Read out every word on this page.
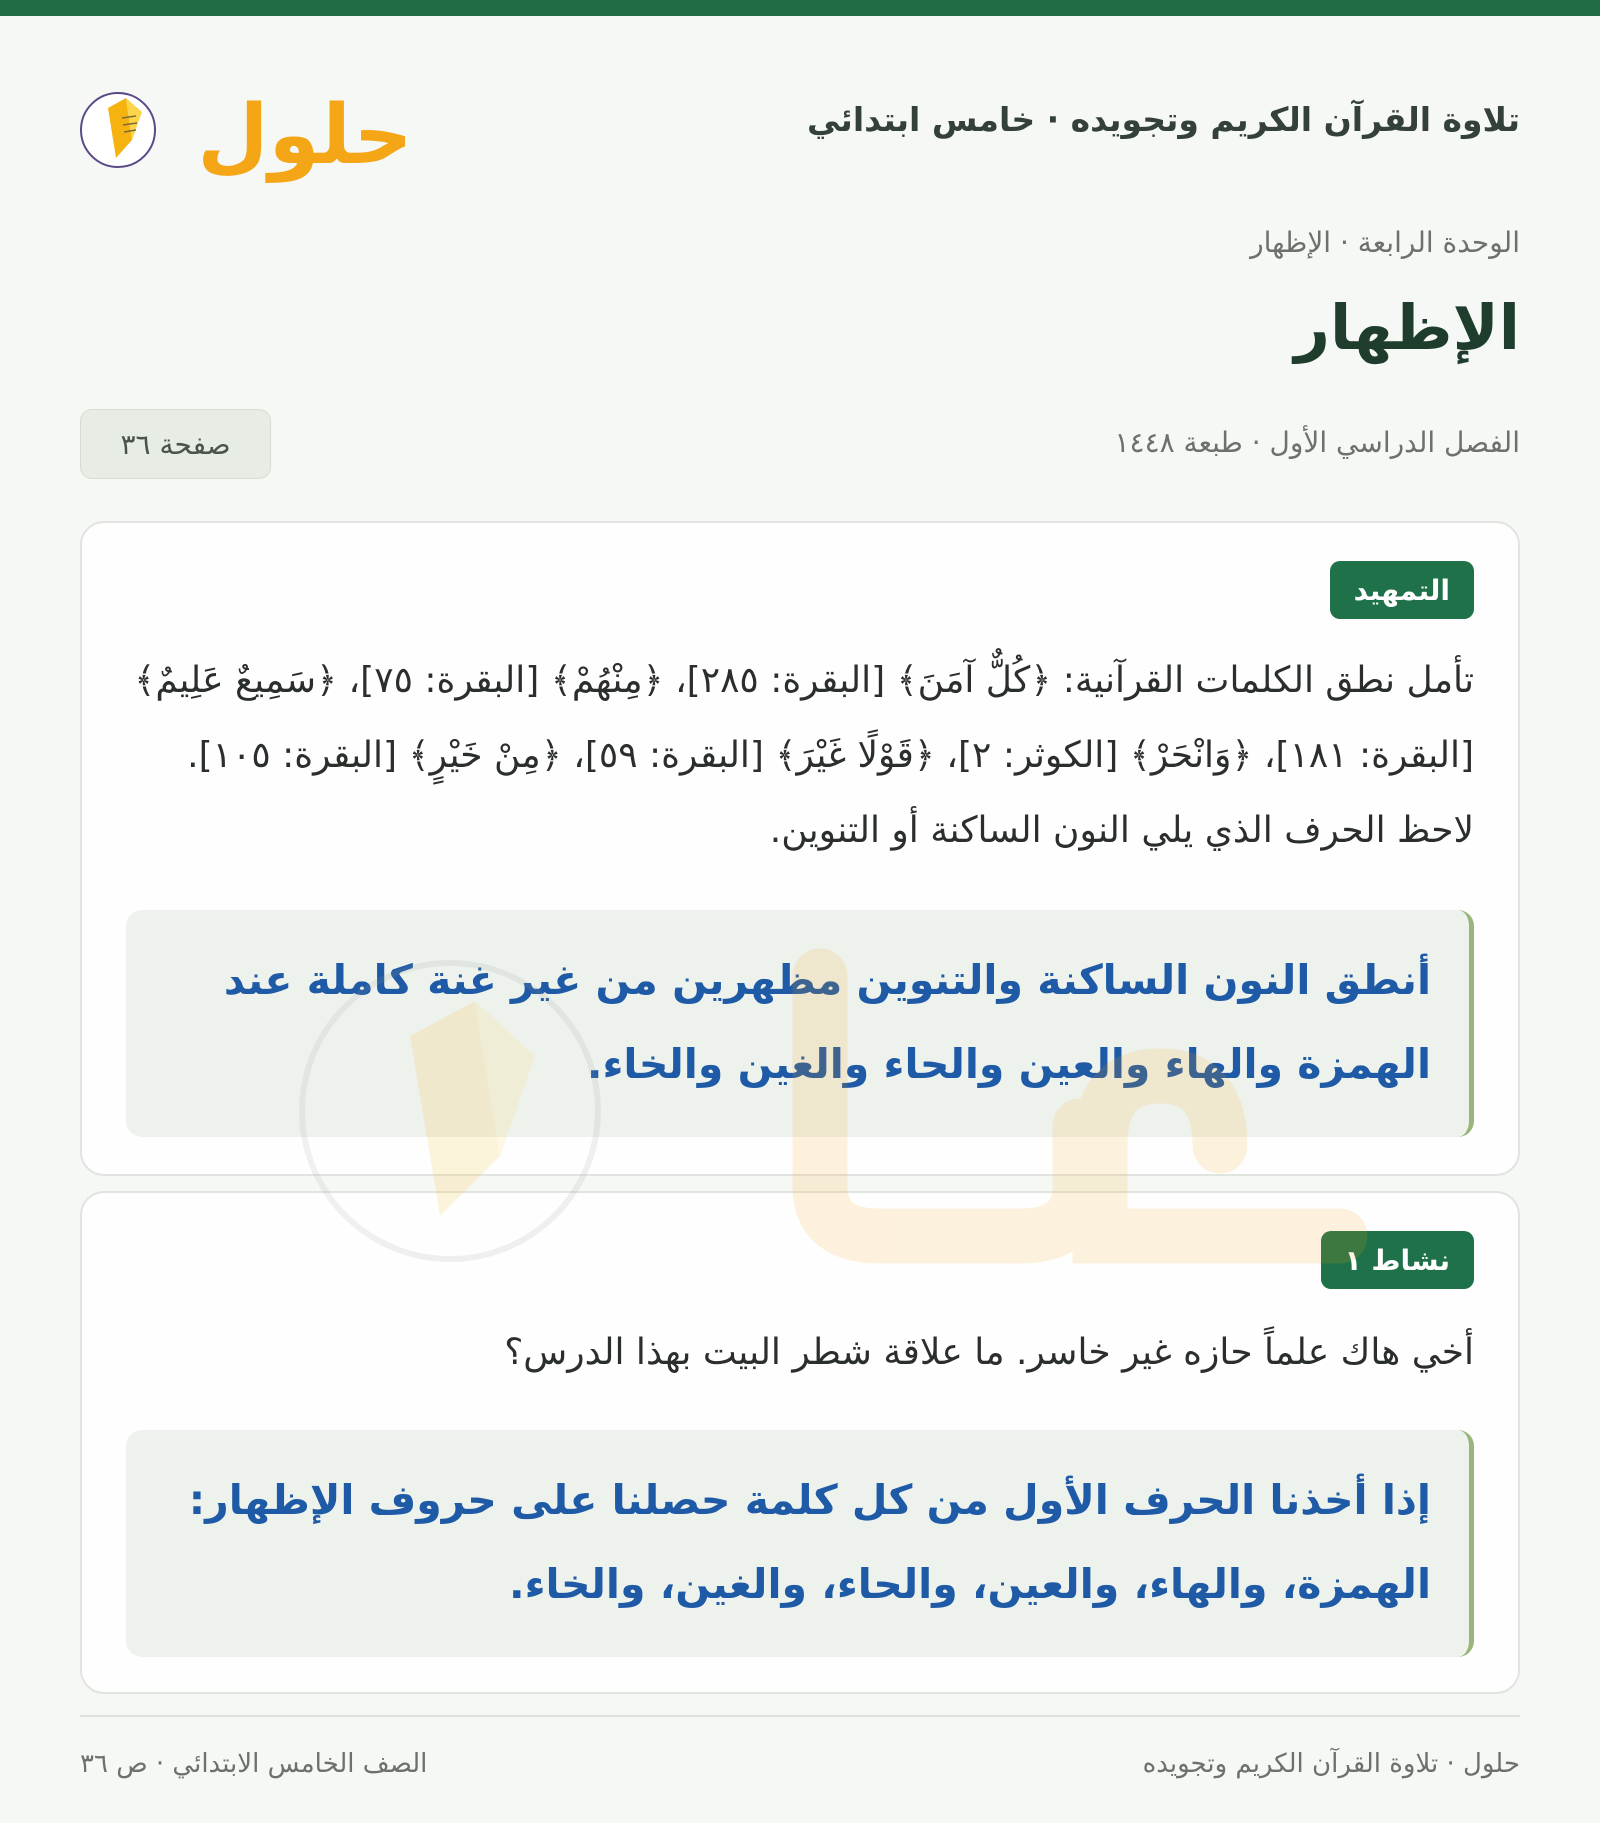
تلاوة القرآن الكريم وتجويده · خامس ابتدائي
حلول
الوحدة الرابعة · الإظهار
الإظهار
الفصل الدراسي الأول · طبعة ١٤٤٨
صفحة ٣٦
التمهيد
تأمل نطق الكلمات القرآنية: ﴿كُلٌّ آمَنَ﴾ [البقرة: ٢٨٥]، ﴿مِنْهُمْ﴾ [البقرة: ٧٥]، ﴿سَمِيعٌ عَلِيمٌ﴾ [البقرة: ١٨١]، ﴿وَانْحَرْ﴾ [الكوثر: ٢]، ﴿قَوْلًا غَيْرَ﴾ [البقرة: ٥٩]، ﴿مِنْ خَيْرٍ﴾ [البقرة: ١٠٥]. لاحظ الحرف الذي يلي النون الساكنة أو التنوين.
أنطق النون الساكنة والتنوين مظهرين من غير غنة كاملة عند الهمزة والهاء والعين والحاء والغين والخاء.
نشاط ١
أخي هاك علماً حازه غير خاسر. ما علاقة شطر البيت بهذا الدرس؟
إذا أخذنا الحرف الأول من كل كلمة حصلنا على حروف الإظهار: الهمزة، والهاء، والعين، والحاء، والغين، والخاء.
حلول · تلاوة القرآن الكريم وتجويده
الصف الخامس الابتدائي · ص ٣٦
